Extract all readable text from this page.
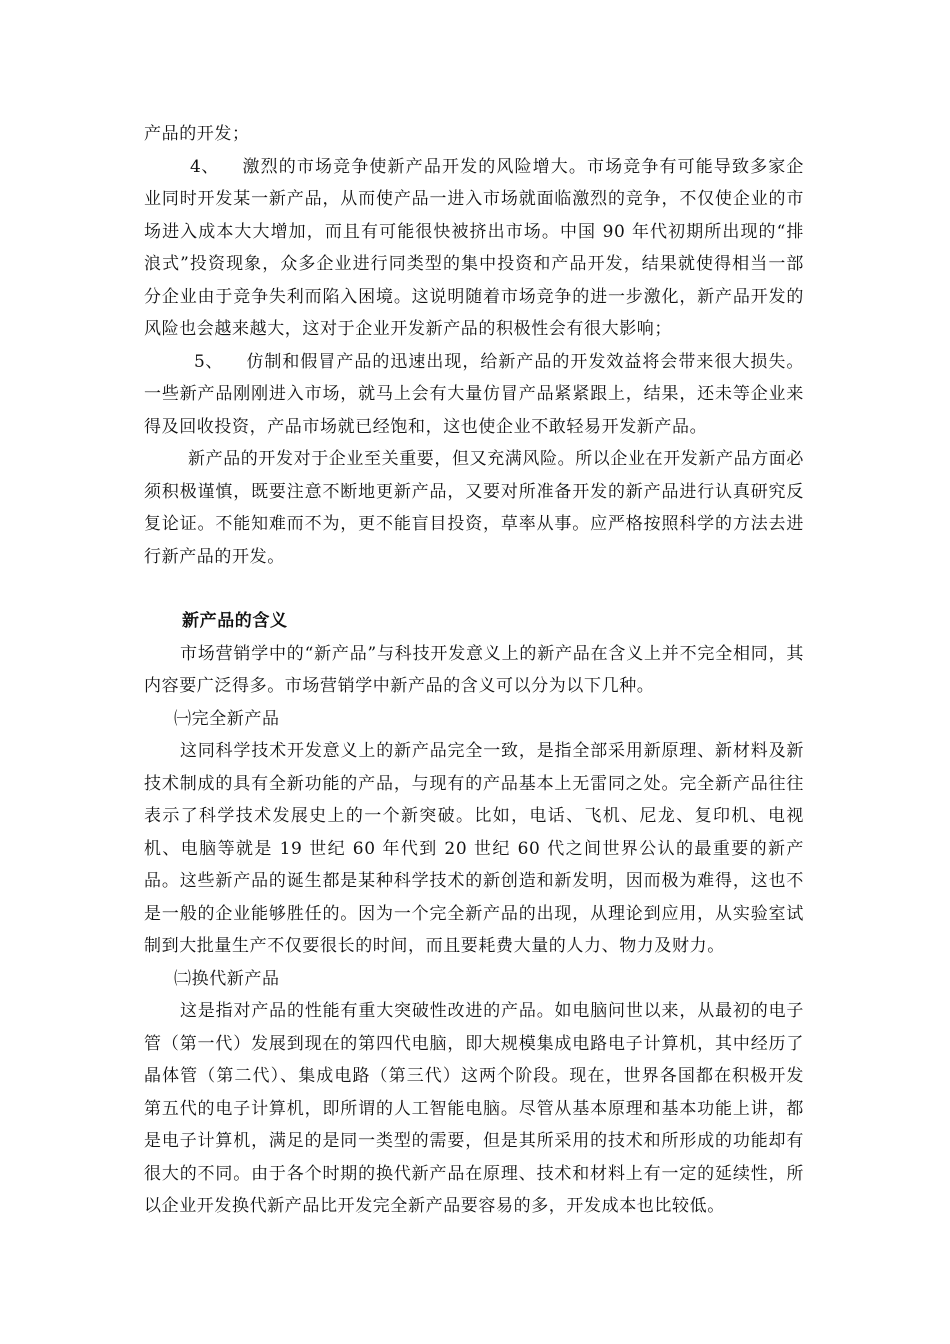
产品的开发；

4、 激烈的市场竞争使新产品开发的风险增大。市场竞争有可能导致多家企业同时开发某一新产品，从而使产品一进入市场就面临激烈的竞争，不仅使企业的市场进入成本大大增加，而且有可能很快被挤出市场。中国 90 年代初期所出现的“排浪式”投资现象，众多企业进行同类型的集中投资和产品开发，结果就使得相当一部分企业由于竞争失利而陷入困境。这说明随着市场竞争的进一步激化，新产品开发的风险也会越来越大，这对于企业开发新产品的积极性会有很大影响；

5、 仿制和假冒产品的迅速出现，给新产品的开发效益将会带来很大损失。一些新产品刚刚进入市场，就马上会有大量仿冒产品紧紧跟上，结果，还未等企业来得及回收投资，产品市场就已经饱和，这也使企业不敢轻易开发新产品。

新产品的开发对于企业至关重要，但又充满风险。所以企业在开发新产品方面必须积极谨慎，既要注意不断地更新产品，又要对所准备开发的新产品进行认真研究反复论证。不能知难而不为，更不能盲目投资，草率从事。应严格按照科学的方法去进行新产品的开发。

新产品的含义

市场营销学中的“新产品”与科技开发意义上的新产品在含义上并不完全相同，其内容要广泛得多。市场营销学中新产品的含义可以分为以下几种。

㈠完全新产品

这同科学技术开发意义上的新产品完全一致，是指全部采用新原理、新材料及新技术制成的具有全新功能的产品，与现有的产品基本上无雷同之处。完全新产品往往表示了科学技术发展史上的一个新突破。比如，电话、飞机、尼龙、复印机、电视机、电脑等就是 19 世纪 60 年代到 20 世纪 60 代之间世界公认的最重要的新产品。这些新产品的诞生都是某种科学技术的新创造和新发明，因而极为难得，这也不是一般的企业能够胜任的。因为一个完全新产品的出现，从理论到应用，从实验室试制到大批量生产不仅要很长的时间，而且要耗费大量的人力、物力及财力。

㈡换代新产品

这是指对产品的性能有重大突破性改进的产品。如电脑问世以来，从最初的电子管（第一代）发展到现在的第四代电脑，即大规模集成电路电子计算机，其中经历了晶体管（第二代）、集成电路（第三代）这两个阶段。现在，世界各国都在积极开发第五代的电子计算机，即所谓的人工智能电脑。尽管从基本原理和基本功能上讲，都是电子计算机，满足的是同一类型的需要，但是其所采用的技术和所形成的功能却有很大的不同。由于各个时期的换代新产品在原理、技术和材料上有一定的延续性，所以企业开发换代新产品比开发完全新产品要容易的多，开发成本也比较低。
